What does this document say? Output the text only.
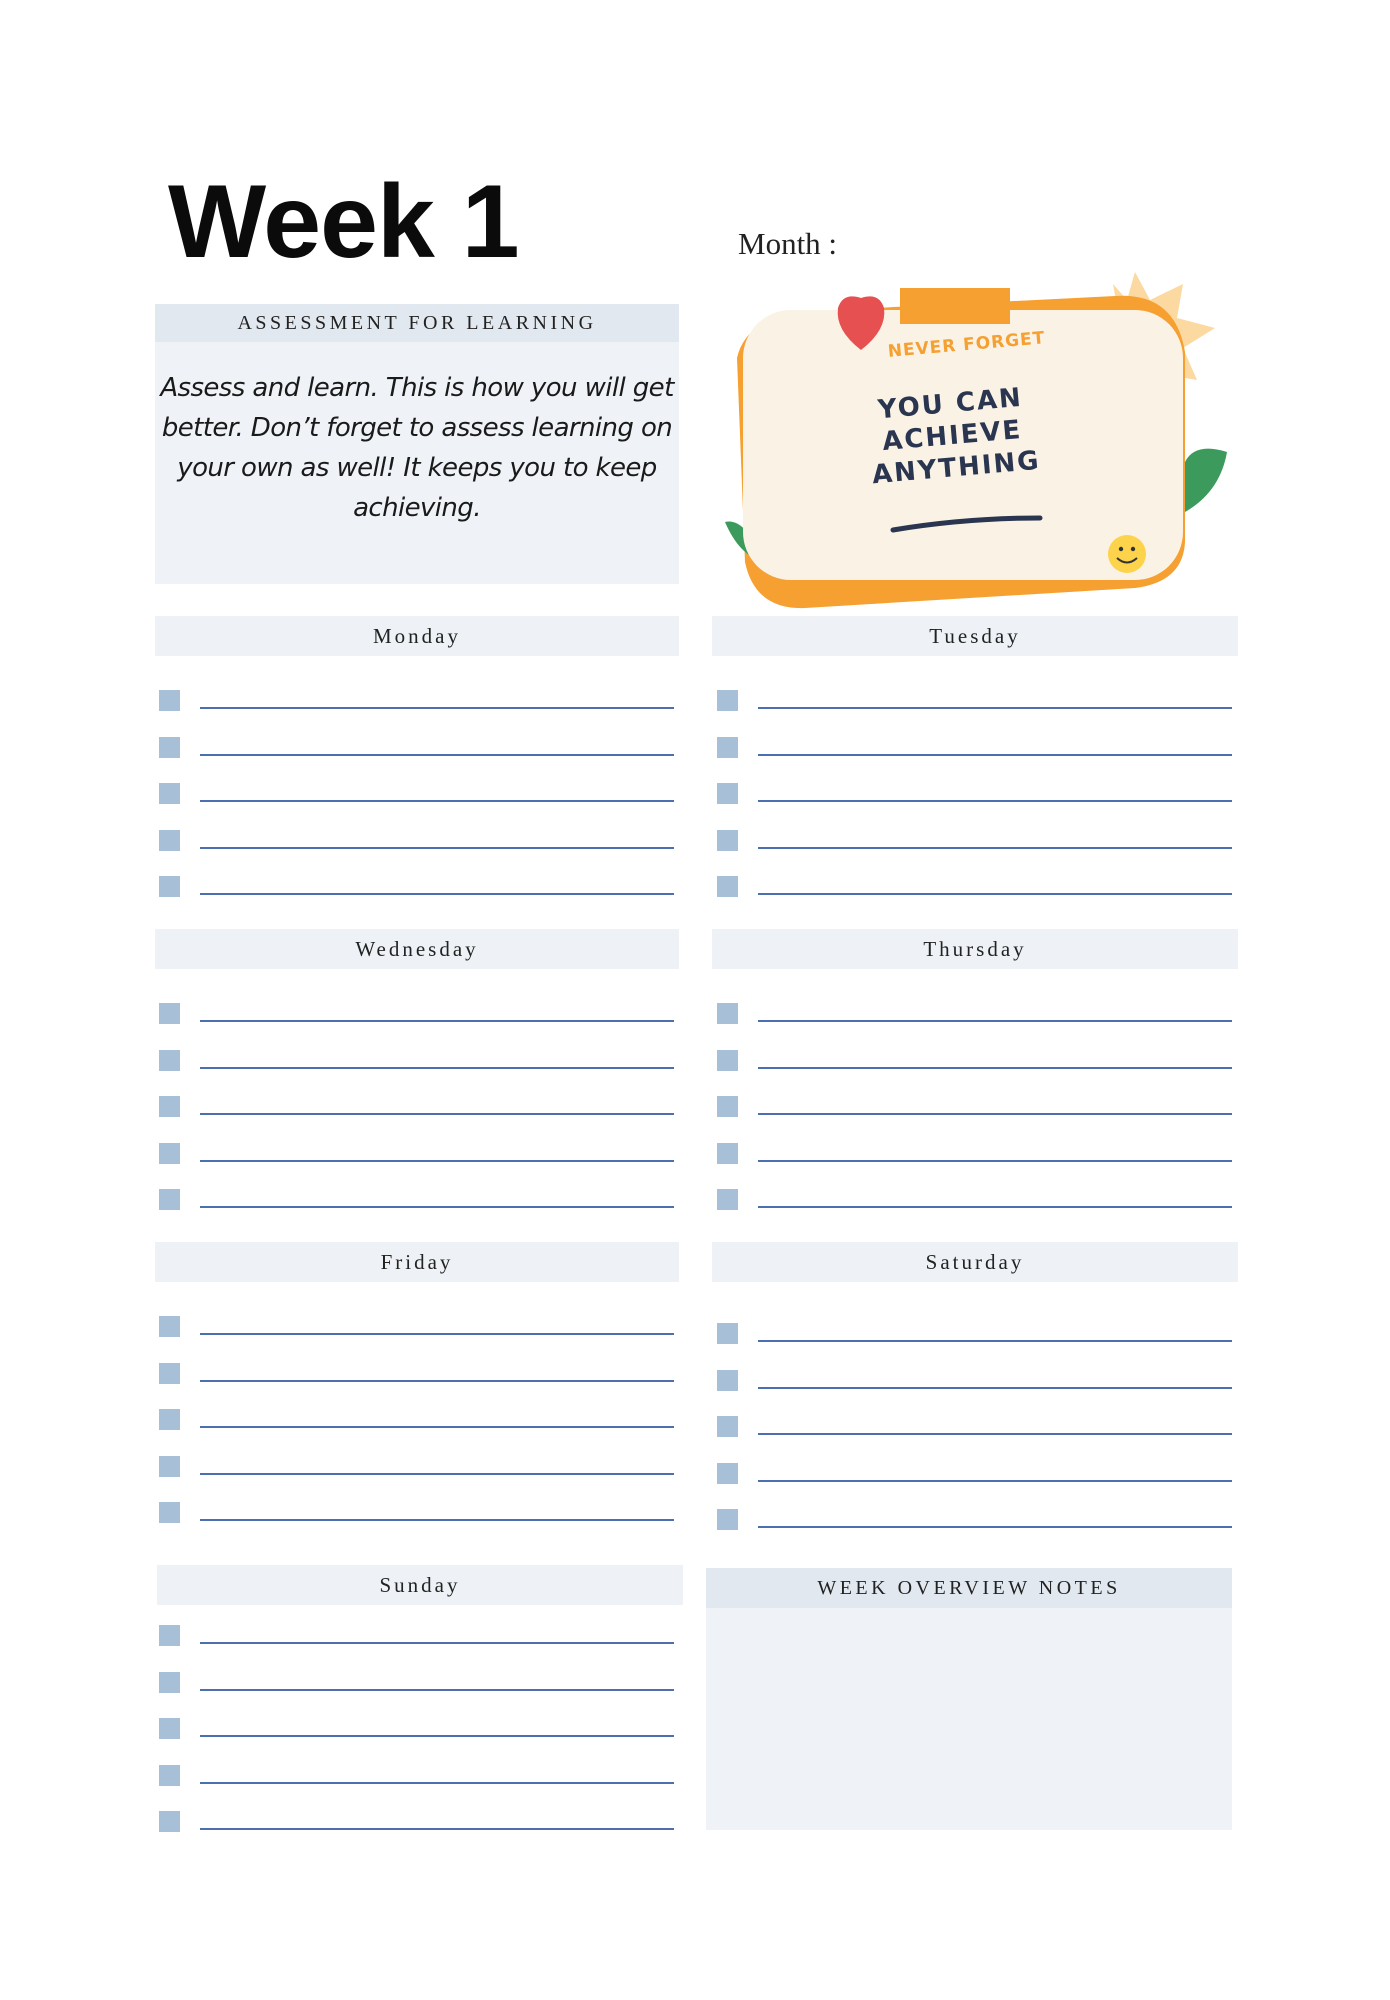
Week 1	Month :
ASSESSMENT FOR LEARNING
Assess and learn. This is how you will get better. Don’t forget to assess learning on your own as well! It keeps you to keep achieving.
NEVER FORGET
YOU CAN
ACHIEVE
ANYTHING
Monday	Tuesday
Wednesday	Thursday
Friday	Saturday
Sunday	WEEK OVERVIEW NOTES
